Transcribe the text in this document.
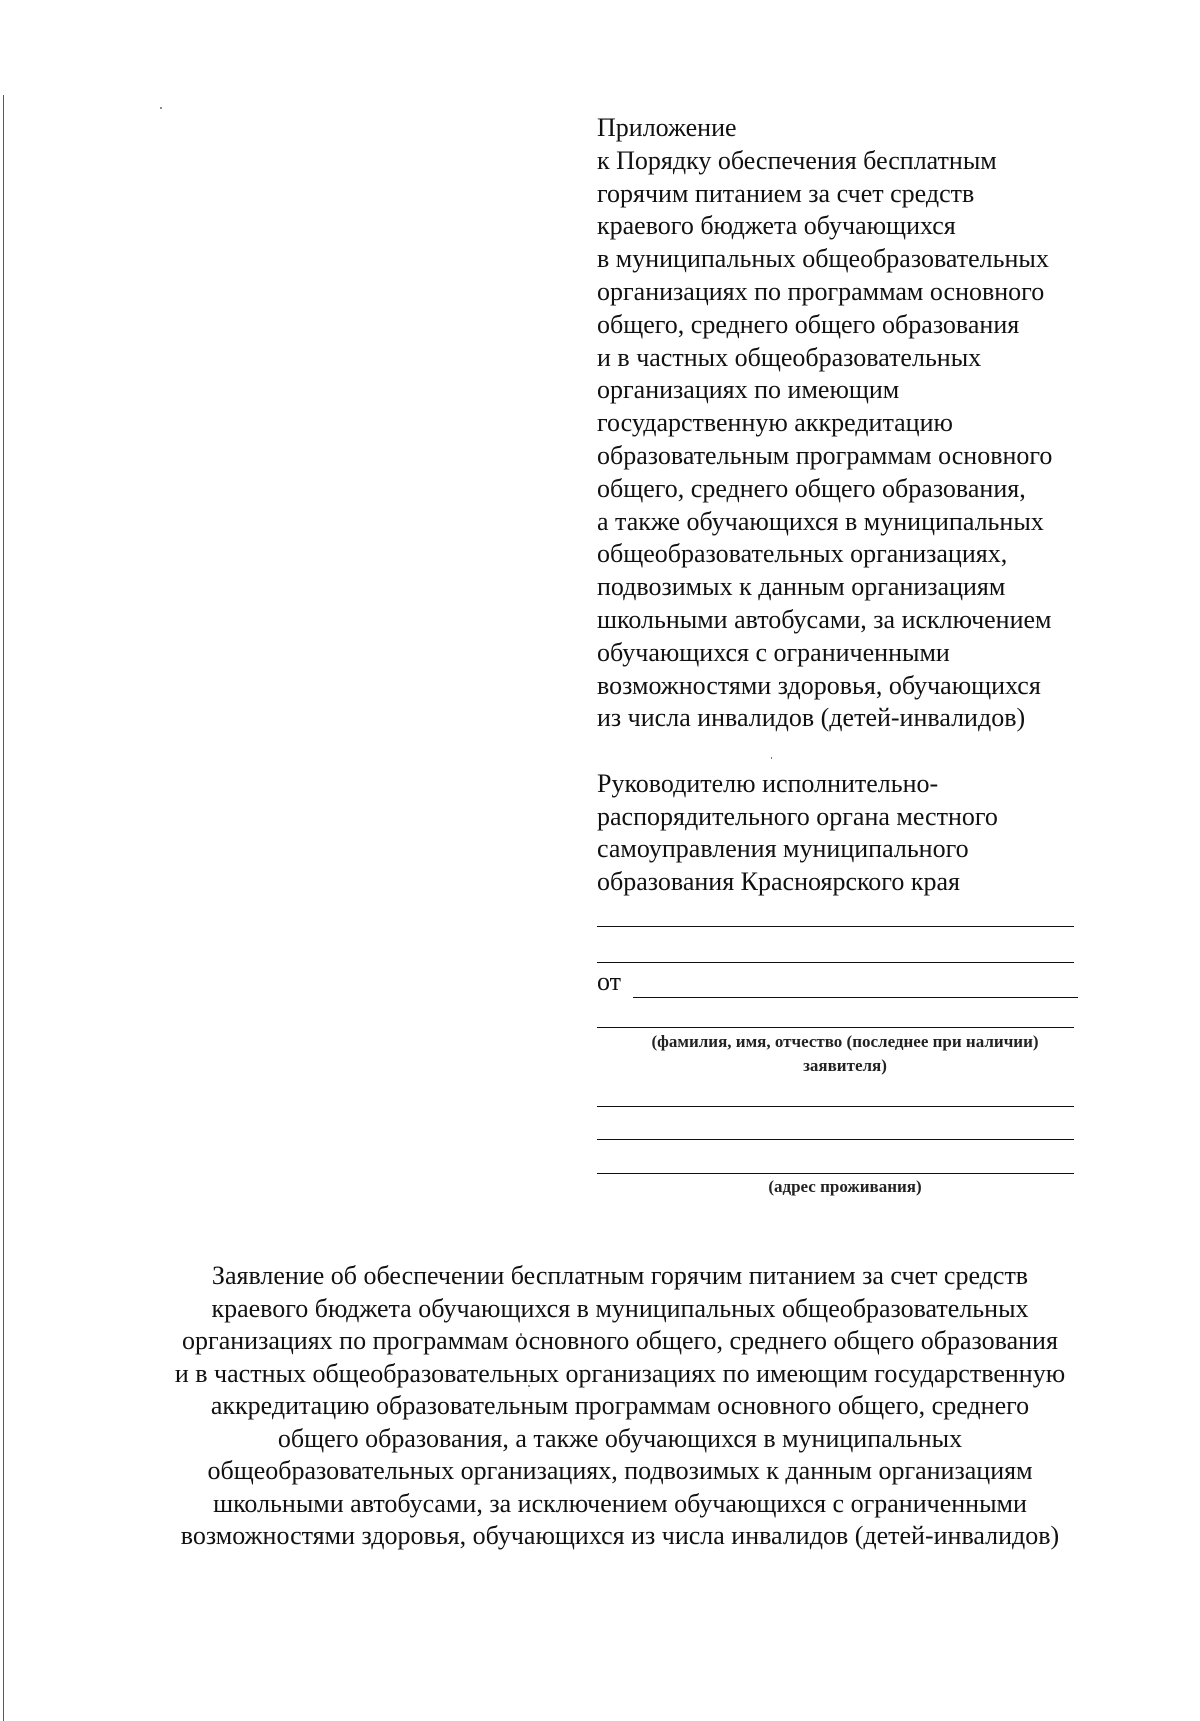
Приложение
к Порядку обеспечения бесплатным
горячим питанием за счет средств
краевого бюджета обучающихся
в муниципальных общеобразовательных
организациях по программам основного
общего, среднего общего образования
и в частных общеобразовательных
организациях по имеющим
государственную аккредитацию
образовательным программам основного
общего, среднего общего образования,
а также обучающихся в муниципальных
общеобразовательных организациях,
подвозимых к данным организациям
школьными автобусами, за исключением
обучающихся с ограниченными
возможностями здоровья, обучающихся
из числа инвалидов (детей-инвалидов)
Руководителю исполнительно-
распорядительного органа местного
самоуправления муниципального
образования Красноярского края
от
(фамилия, имя, отчество (последнее при наличии)
заявителя)
(адрес проживания)
Заявление об обеспечении бесплатным горячим питанием за счет средств
краевого бюджета обучающихся в муниципальных общеобразовательных
организациях по программам основного общего, среднего общего образования
и в частных общеобразовательных организациях по имеющим государственную
аккредитацию образовательным программам основного общего, среднего
общего образования, а также обучающихся в муниципальных
общеобразовательных организациях, подвозимых к данным организациям
школьными автобусами, за исключением обучающихся с ограниченными
возможностями здоровья, обучающихся из числа инвалидов (детей-инвалидов)
